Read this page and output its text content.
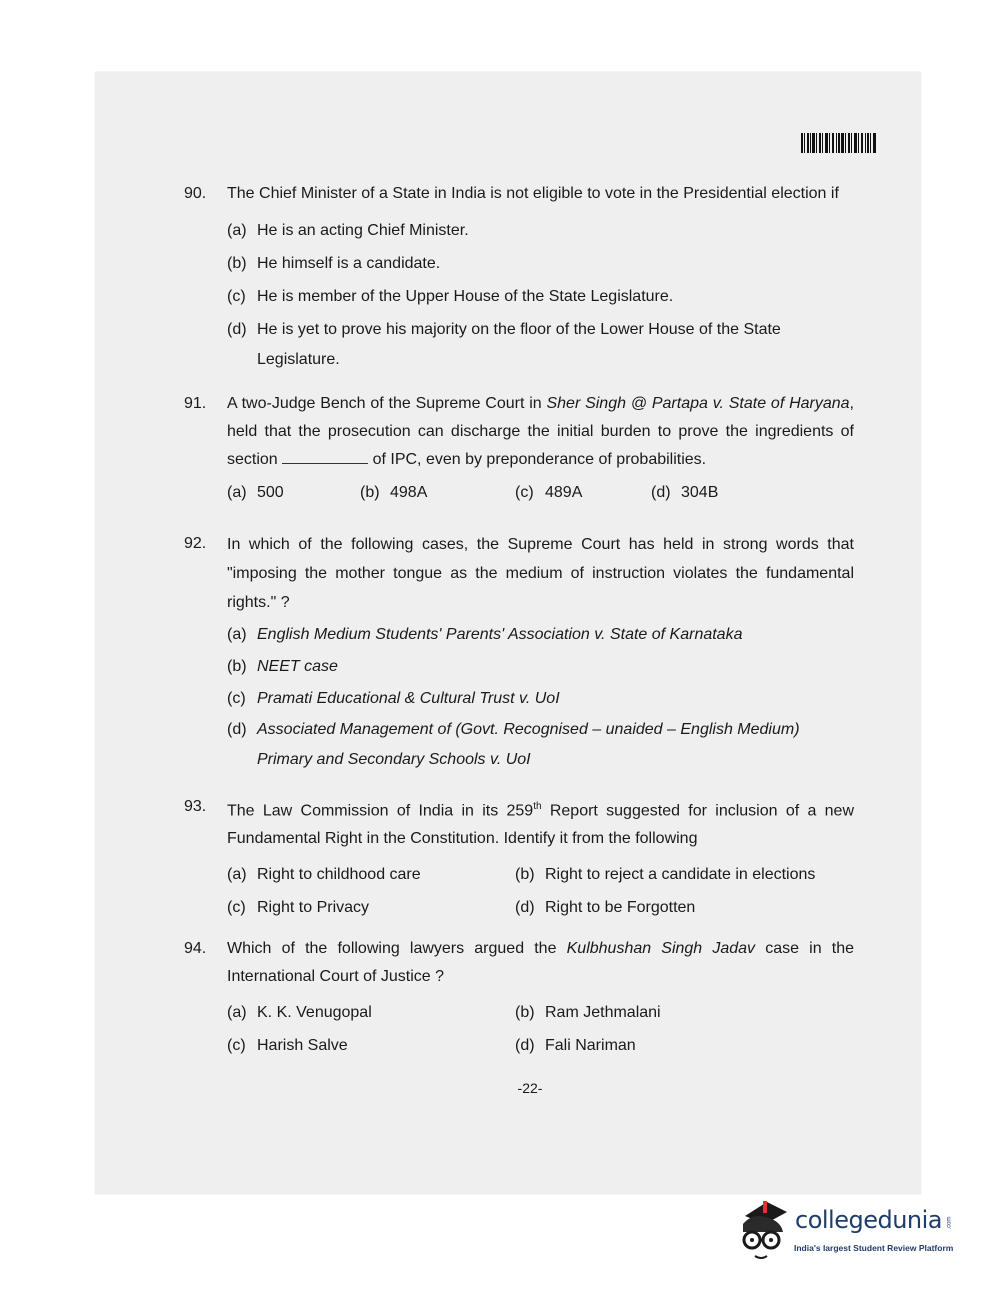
90.	The Chief Minister of a State in India is not eligible to vote in the Presidential election if
(a) He is an acting Chief Minister.
(b) He himself is a candidate.
(c) He is member of the Upper House of the State Legislature.
(d) He is yet to prove his majority on the floor of the Lower House of the State Legislature.
91.	A two-Judge Bench of the Supreme Court in Sher Singh @ Partapa v. State of Haryana, held that the prosecution can discharge the initial burden to prove the ingredients of section	of IPC, even by preponderance of probabilities.
(a) 500	(b) 498A	(c) 489A	(d) 304B
92.	In which of the following cases, the Supreme Court has held in strong words that "imposing the mother tongue as the medium of instruction violates the fundamental rights." ?
(a) English Medium Students' Parents' Association v. State of Karnataka
(b) NEET case
(c) Pramati Educational & Cultural Trust v. UoI
(d) Associated Management of (Govt. Recognised – unaided – English Medium) Primary and Secondary Schools v. UoI
93.	The Law Commission of India in its 259th Report suggested for inclusion of a new Fundamental Right in the Constitution. Identify it from the following
(a) Right to childhood care	(b) Right to reject a candidate in elections
(c) Right to Privacy	(d) Right to be Forgotten
94.	Which of the following lawyers argued the Kulbhushan Singh Jadav case in the International Court of Justice ?
(a) K. K. Venugopal	(b) Ram Jethmalani
(c) Harish Salve	(d) Fali Nariman
-22-
collegedunia .com
India's largest Student Review Platform
